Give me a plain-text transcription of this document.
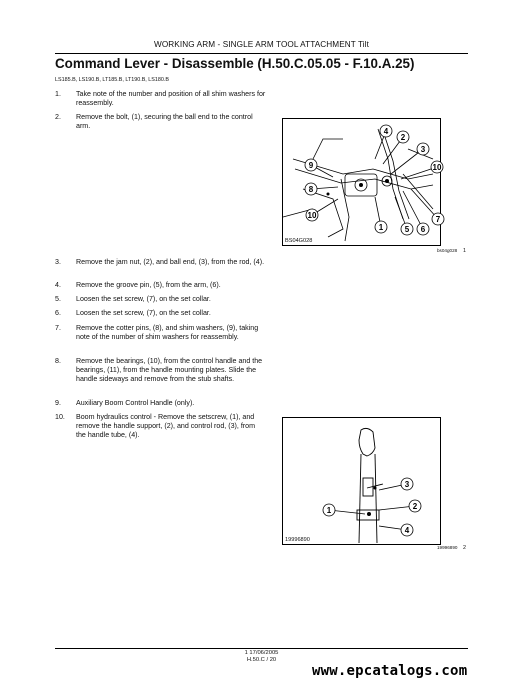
WORKING ARM - SINGLE ARM TOOL ATTACHMENT Tilt
Command Lever - Disassemble (H.50.C.05.05 - F.10.A.25)
LS185.B, LS190.B, LT185.B, LT190.B, LS180.B
1. Take note of the number and position of all shim washers for reassembly.
2. Remove the bolt, (1), securing the ball end to the control arm.
3. Remove the jam nut, (2), and ball end, (3), from the rod, (4).
4. Remove the groove pin, (5), from the arm, (6).
5. Loosen the set screw, (7), on the set collar.
6. Loosen the set screw, (7), on the set collar.
7. Remove the cotter pins, (8), and shim washers, (9), taking note of the number of shim washers for reassembly.
8. Remove the bearings, (10), from the control handle and the bearings, (11), from the handle mounting plates. Slide the handle sideways and remove from the stub shafts.
9. Auxiliary Boom Control Handle (only).
10. Boom hydraulics control - Remove the setscrew, (1), and remove the handle support, (2), and control rod, (3), from the handle tube, (4).
4
2
3
10
9
8
10
1	5 6
7
BS04G028
bs04g028 1
1	2
3
4
19996890
19996890 2
1 17/06/2005
H.50.C / 20
www.epcatalogs.com
